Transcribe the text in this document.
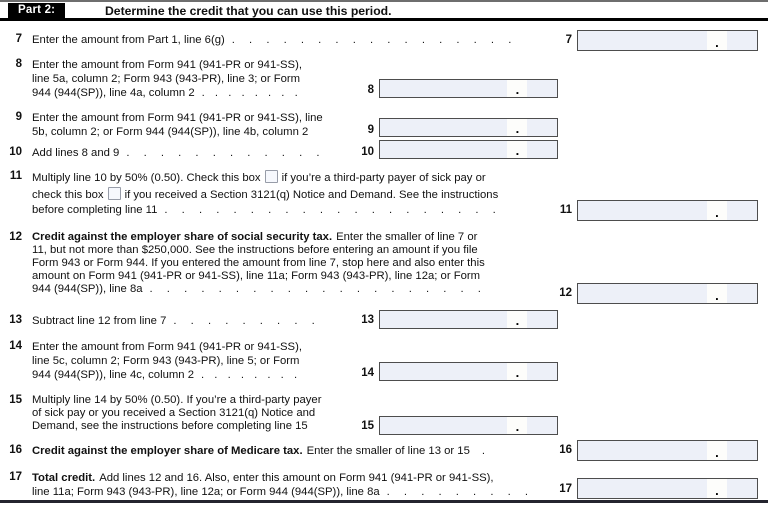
Part 2:	Determine the credit that you can use this period.
7 Enter the amount from Part 1, line 6(g) . . . . . . . . . . . . . . . . .	7	.
8 Enter the amount from Form 941 (941-PR or 941-SS),
line 5a, column 2; Form 943 (943-PR), line 3; or Form
944 (944(SP)), line 4a, column 2 . . . . . . . .	8	.
9 Enter the amount from Form 941 (941-PR or 941-SS), line
5b, column 2; or Form 944 (944(SP)), line 4b, column 2	9	.
10 Add lines 8 and 9 . . . . . . . . . . . .	10	.
11 Multiply line 10 by 50% (0.50). Check this box if you’re a third-party payer of sick pay or
check this box if you received a Section 3121(q) Notice and Demand. See the instructions
before completing line 11 . . . . . . . . . . . . . . . . . . . .	11	.
12 Credit against the employer share of social security tax. Enter the smaller of line 7 or
11, but not more than $250,000. See the instructions before entering an amount if you file
Form 943 or Form 944. If you entered the amount from line 7, stop here and also enter this
amount on Form 941 (941-PR or 941-SS), line 11a; Form 943 (943-PR), line 12a; or Form
944 (944(SP)), line 8a . . . . . . . . . . . . . . . . . . . .	12	.
13 Subtract line 12 from line 7 . . . . . . . . .	13	.
14 Enter the amount from Form 941 (941-PR or 941-SS),
line 5c, column 2; Form 943 (943-PR), line 5; or Form
944 (944(SP)), line 4c, column 2 . . . . . . . .	14	.
15 Multiply line 14 by 50% (0.50). If you’re a third-party payer
of sick pay or you received a Section 3121(q) Notice and
Demand, see the instructions before completing line 15	15	.
16 Credit against the employer share of Medicare tax. Enter the smaller of line 13 or 15 .	16	.
17 Total credit. Add lines 12 and 16. Also, enter this amount on Form 941 (941-PR or 941-SS),
line 11a; Form 943 (943-PR), line 12a; or Form 944 (944(SP)), line 8a . . . . . . . . .	17	.
